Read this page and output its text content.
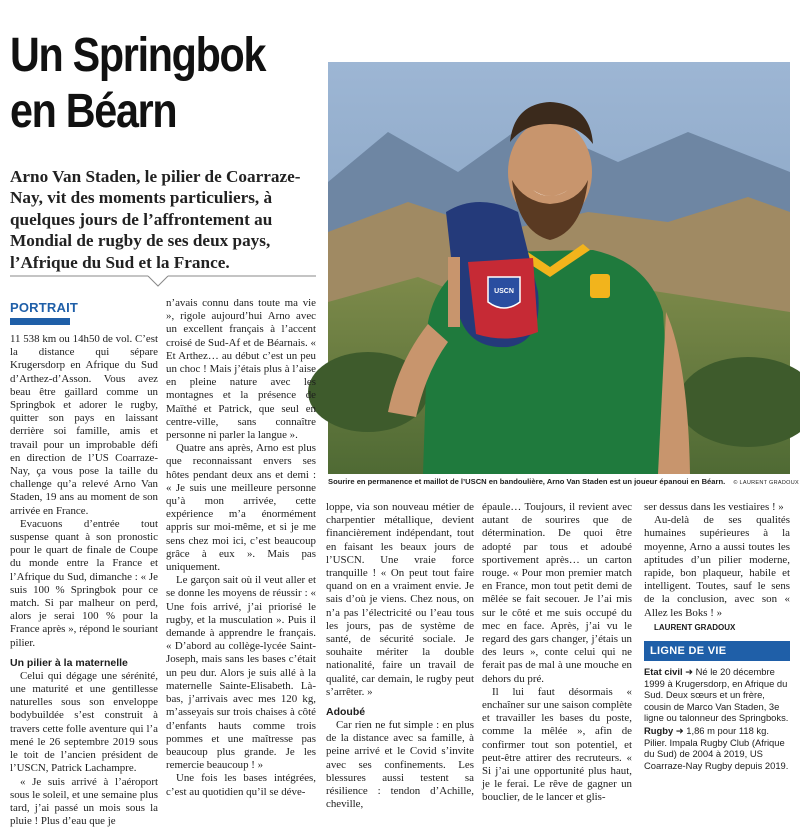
Un Springbok
en Béarn
Arno Van Staden, le pilier de Coarraze-Nay, vit des moments particuliers, à quelques jours de l’affrontement au Mondial de rugby de ses deux pays, l’Afrique du Sud et la France.
USCN
Sourire en permanence et maillot de l’USCN en bandoulière, Arno Van Staden est un joueur épanoui en Béarn. © LAURENT GRADOUX
PORTRAIT

11 538 km ou 14h50 de vol. C’est la distance qui sépare Krugersdorp en Afrique du Sud d’Arthez-d’Asson. Vous avez beau être gaillard comme un Springbok et adorer le rugby, quitter son pays en laissant derrière soi famille, amis et travail pour un improbable défi en direction de l’US Coarraze-Nay, ça vous pose la taille du challenge qu’a relevé Arno Van Staden, 19 ans au moment de son arrivée en France.

Evacuons d’entrée tout suspense quant à son pronostic pour le quart de finale de Coupe du monde entre la France et l’Afrique du Sud, dimanche : « Je suis 100 % Springbok pour ce match. Si par malheur on perd, alors je serai 100 % pour la France après », répond le souriant pilier.

Un pilier à la maternelle

Celui qui dégage une sérénité, une maturité et une gentillesse naturelles sous son enveloppe bodybuildée s’est construit à travers cette folle aventure qui l’a mené le 26 septembre 2019 sous le toit de l’ancien président de l’USCN, Patrick Lachampre.

« Je suis arrivé à l’aéroport sous le soleil, et une semaine plus tard, j’ai passé un mois sous la pluie ! Plus d’eau que je

n’avais connu dans toute ma vie », rigole aujourd’hui Arno avec un excellent français à l’accent croisé de Sud-Af et de Béarnais. « Et Arthez… au début c’est un peu un choc ! Mais j’étais plus à l’aise en pleine nature avec les montagnes et la présence de Maïthé et Patrick, que seul en centre-ville, sans connaître personne ni parler la langue ».

Quatre ans après, Arno est plus que reconnaissant envers ses hôtes pendant deux ans et demi : « Je suis une meilleure personne qu’à mon arrivée, cette expérience m’a énormément appris sur moi-même, et si je me sens chez moi ici, c’est beaucoup grâce à eux ». Mais pas uniquement.

Le garçon sait où il veut aller et se donne les moyens de réussir : « Une fois arrivé, j’ai priorisé le rugby, et la musculation ». Puis il demande à apprendre le français. « D’abord au collège-lycée Saint-Joseph, mais sans les bases c’était un peu dur. Alors je suis allé à la maternelle Sainte-Elisabeth. Là-bas, j’arrivais avec mes 120 kg, m’asseyais sur trois chaises à côté d’enfants hauts comme trois pommes et une maîtresse pas beaucoup plus grande. Je les remercie beaucoup ! »

Une fois les bases intégrées, c’est au quotidien qu’il se déve-

loppe, via son nouveau métier de charpentier métallique, devient financièrement indépendant, tout en faisant les beaux jours de l’USCN. Une vraie force tranquille ! « On peut tout faire quand on en a vraiment envie. Je sais d’où je viens. Chez nous, on n’a pas l’électricité ou l’eau tous les jours, pas de système de santé, de sécurité sociale. Je souhaite mériter la double nationalité, faire un travail de qualité, car demain, le rugby peut s’arrêter. »

Adoubé

Car rien ne fut simple : en plus de la distance avec sa famille, à peine arrivé et le Covid s’invite avec ses confinements. Les blessures aussi testent sa résilience : tendon d’Achille, cheville,

épaule… Toujours, il revient avec autant de sourires que de détermination. De quoi être adopté par tous et adoubé sportivement après… un carton rouge. « Pour mon premier match en France, mon tout petit demi de mêlée se fait secouer. Je l’ai mis sur le côté et me suis occupé du mec en face. Après, j’ai vu le regard des gars changer, j’étais un des leurs », conte celui qui ne ferait pas de mal à une mouche en dehors du pré.

Il lui faut désormais « enchaîner sur une saison complète et travailler les bases du poste, comme la mêlée », afin de confirmer tout son potentiel, et peut-être attirer des recruteurs. « Si j’ai une opportunité plus haut, je le ferai. Le rêve de gagner un bouclier, de le lancer et glis-

ser dessus dans les vestiaires ! »

Au-delà de ses qualités humaines supérieures à la moyenne, Arno a aussi toutes les aptitudes d’un pilier moderne, rapide, bon plaqueur, habile et intelligent. Toutes, sauf le sens de la conclusion, avec son « Allez les Boks ! »

LAURENT GRADOUX

LIGNE DE VIE

Etat civil ➜ Né le 20 décembre 1999 à Krugersdorp, en Afrique du Sud. Deux sœurs et un frère, cousin de Marco Van Staden, 3e ligne ou talonneur des Springboks.

Rugby ➜ 1,86 m pour 118 kg. Pilier. Impala Rugby Club (Afrique du Sud) de 2004 à 2019, US Coarraze-Nay Rugby depuis 2019.
